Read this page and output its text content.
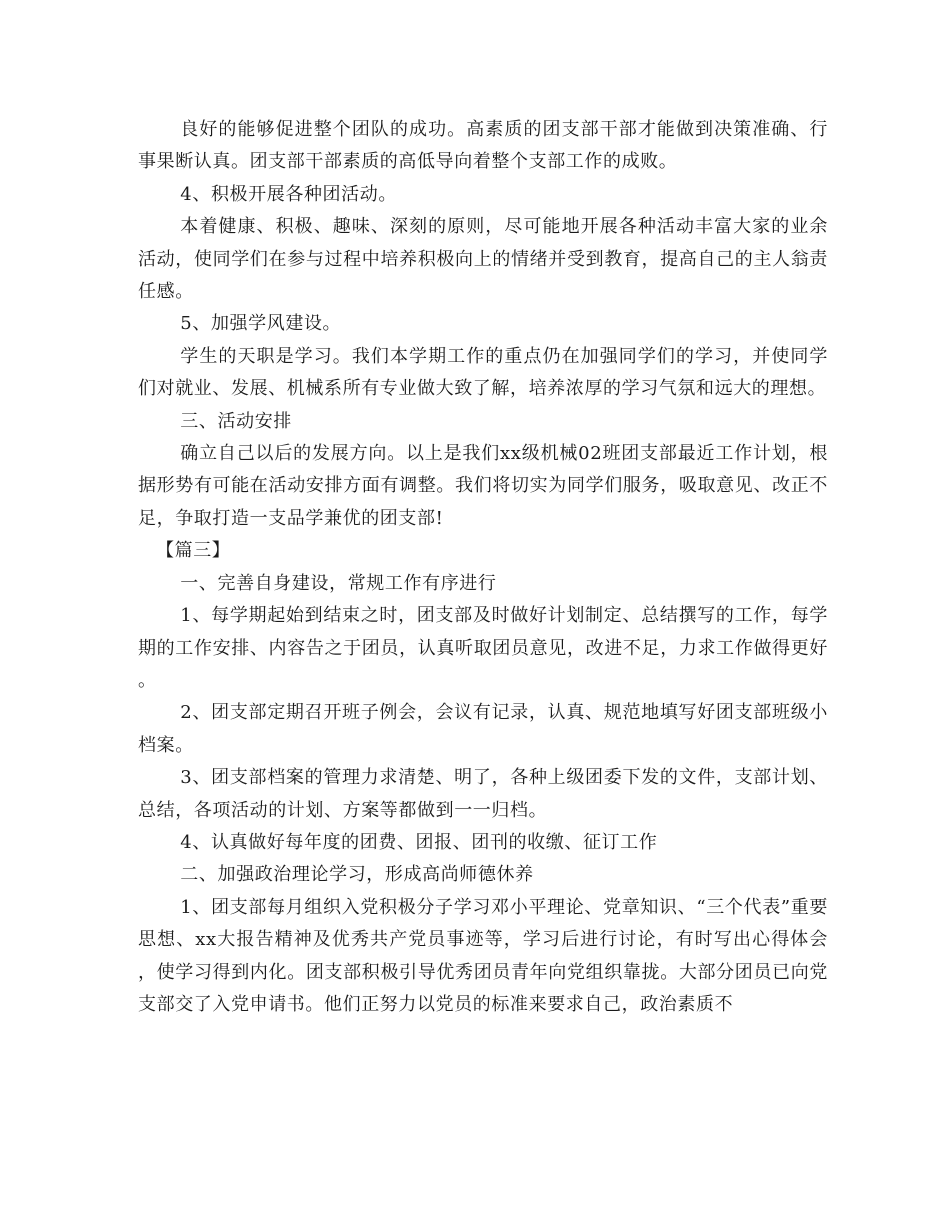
良好的能够促进整个团队的成功。高素质的团支部干部才能做到决策准确、行事果断认真。团支部干部素质的高低导向着整个支部工作的成败。

4、积极开展各种团活动。

本着健康、积极、趣味、深刻的原则，尽可能地开展各种活动丰富大家的业余活动，使同学们在参与过程中培养积极向上的情绪并受到教育，提高自己的主人翁责任感。

5、加强学风建设。

学生的天职是学习。我们本学期工作的重点仍在加强同学们的学习，并使同学们对就业、发展、机械系所有专业做大致了解，培养浓厚的学习气氛和远大的理想。

三、活动安排

确立自己以后的发展方向。以上是我们xx级机械02班团支部最近工作计划，根据形势有可能在活动安排方面有调整。我们将切实为同学们服务，吸取意见、改正不足，争取打造一支品学兼优的团支部!

【篇三】

一、完善自身建设，常规工作有序进行

1、每学期起始到结束之时，团支部及时做好计划制定、总结撰写的工作，每学期的工作安排、内容告之于团员，认真听取团员意见，改进不足，力求工作做得更好。

2、团支部定期召开班子例会，会议有记录，认真、规范地填写好团支部班级小档案。

3、团支部档案的管理力求清楚、明了，各种上级团委下发的文件，支部计划、总结，各项活动的计划、方案等都做到一一归档。

4、认真做好每年度的团费、团报、团刊的收缴、征订工作

二、加强政治理论学习，形成高尚师德休养

1、团支部每月组织入党积极分子学习邓小平理论、党章知识、“三个代表”重要思想、xx大报告精神及优秀共产党员事迹等，学习后进行讨论，有时写出心得体会，使学习得到内化。团支部积极引导优秀团员青年向党组织靠拢。大部分团员已向党支部交了入党申请书。他们正努力以党员的标准来要求自己，政治素质不
